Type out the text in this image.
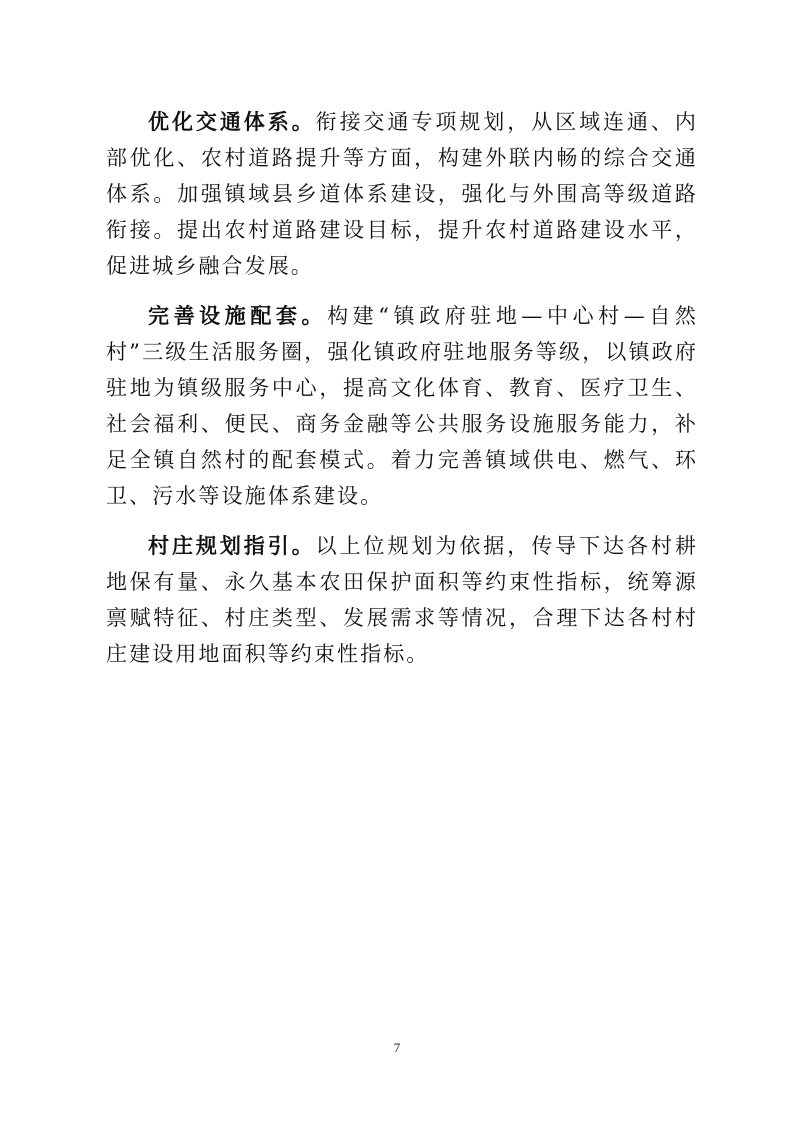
优化交通体系。衔接交通专项规划，从区域连通、内部优化、农村道路提升等方面，构建外联内畅的综合交通体系。加强镇域县乡道体系建设，强化与外围高等级道路衔接。提出农村道路建设目标，提升农村道路建设水平，促进城乡融合发展。

完善设施配套。构建“镇政府驻地—中心村—自然村”三级生活服务圈，强化镇政府驻地服务等级，以镇政府驻地为镇级服务中心，提高文化体育、教育、医疗卫生、社会福利、便民、商务金融等公共服务设施服务能力，补足全镇自然村的配套模式。着力完善镇域供电、燃气、环卫、污水等设施体系建设。

村庄规划指引。以上位规划为依据，传导下达各村耕地保有量、永久基本农田保护面积等约束性指标，统筹源禀赋特征、村庄类型、发展需求等情况，合理下达各村村庄建设用地面积等约束性指标。

7
